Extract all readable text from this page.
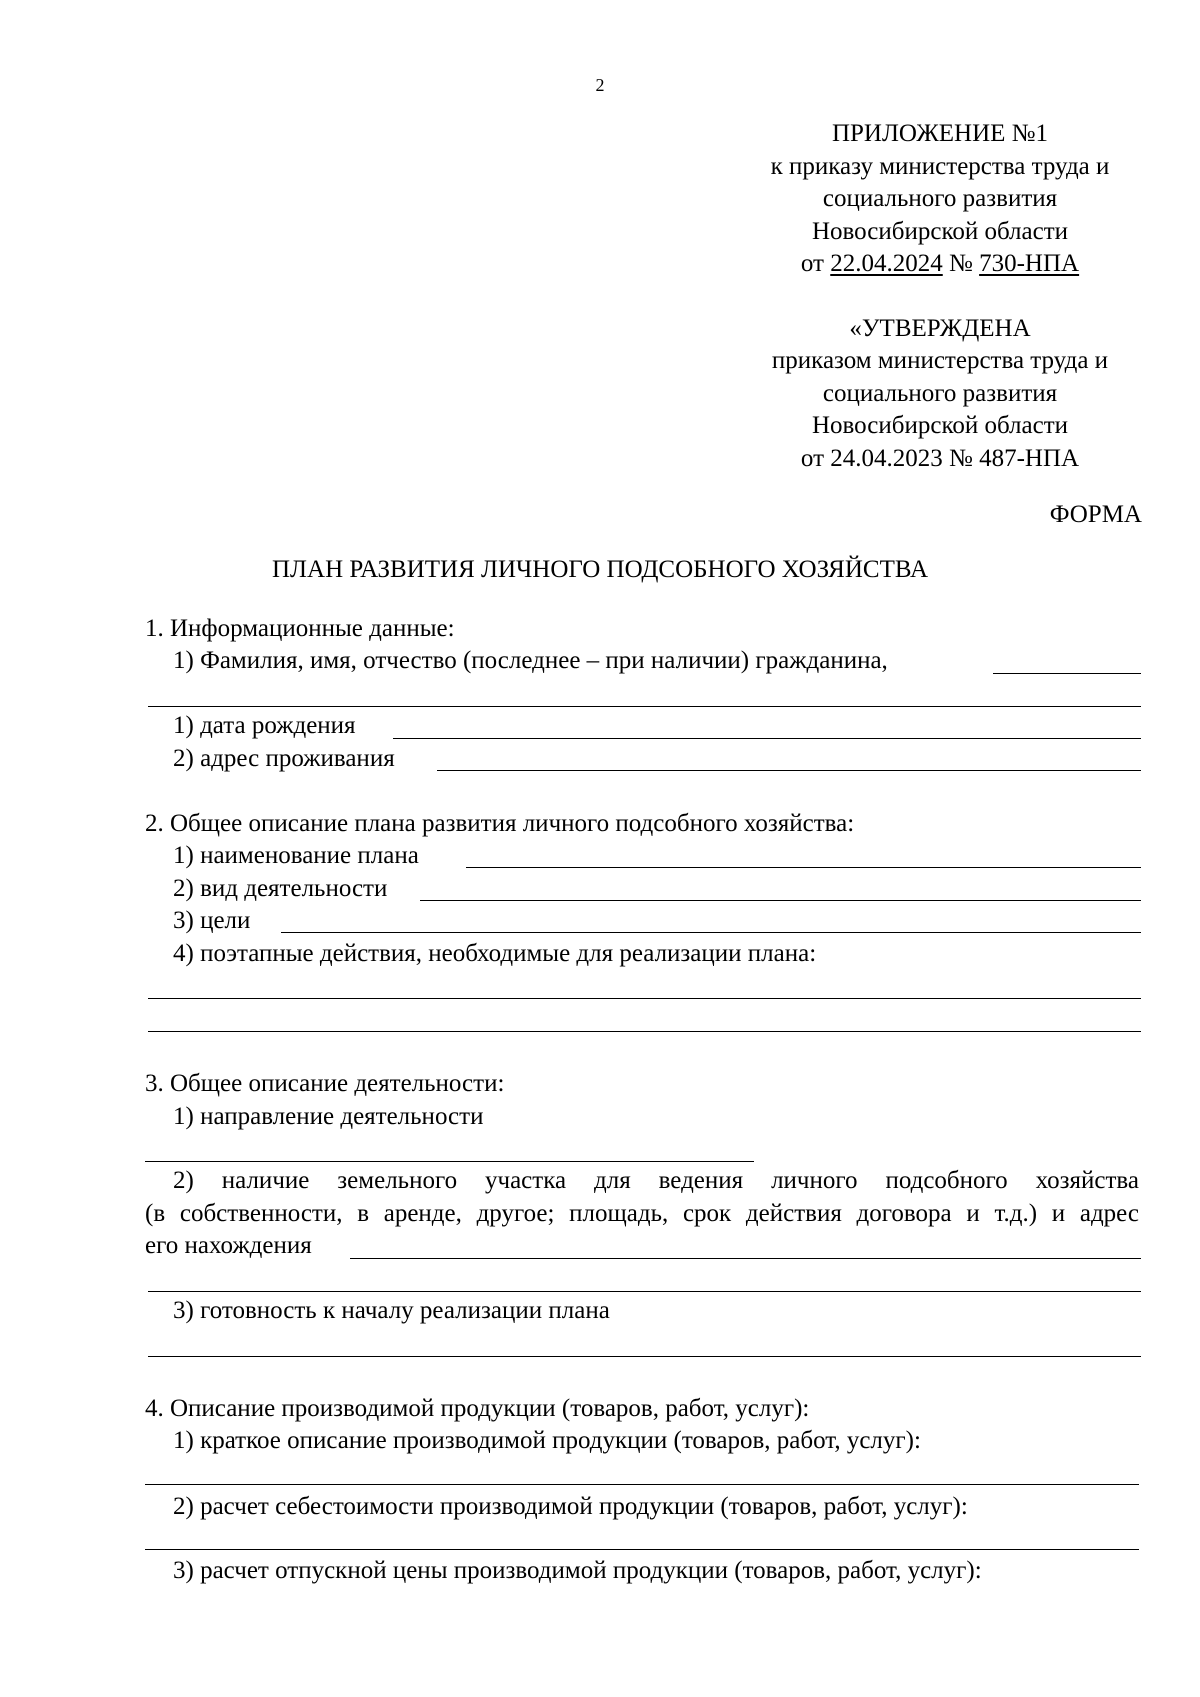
2
ПРИЛОЖЕНИЕ №1
к приказу министерства труда и
социального развития
Новосибирской области
от 22.04.2024 № 730-НПА
«УТВЕРЖДЕНА
приказом министерства труда и
социального развития
Новосибирской области
от 24.04.2023 № 487-НПА
ФОРМА
ПЛАН РАЗВИТИЯ ЛИЧНОГО ПОДСОБНОГО ХОЗЯЙСТВА
1. Информационные данные:
1) Фамилия, имя, отчество (последнее – при наличии) гражданина,
1) дата рождения
2) адрес проживания
2. Общее описание плана развития личного подсобного хозяйства:
1) наименование плана
2) вид деятельности
3) цели
4) поэтапные действия, необходимые для реализации плана:
3. Общее описание деятельности:
1) направление деятельности
2) наличие земельного участка для ведения личного подсобного хозяйства
(в собственности, в аренде, другое; площадь, срок действия договора и т.д.) и адрес
его нахождения
3) готовность к началу реализации плана
4. Описание производимой продукции (товаров, работ, услуг):
1) краткое описание производимой продукции (товаров, работ, услуг):
2) расчет себестоимости производимой продукции (товаров, работ, услуг):
3) расчет отпускной цены производимой продукции (товаров, работ, услуг):
